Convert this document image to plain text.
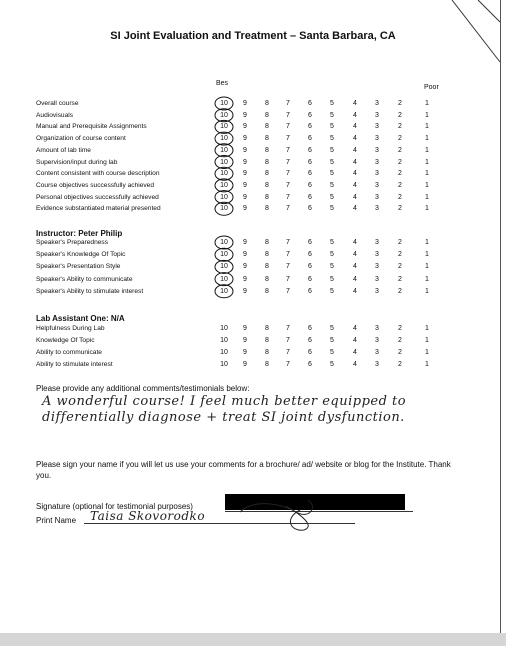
SI Joint Evaluation and Treatment – Santa Barbara, CA
Bes
Poor
Overall course	10	9	8	7	6	5	4	3	2	1
Audiovisuals	10	9	8	7	6	5	4	3	2	1
Manual and Prerequisite Assignments	10	9	8	7	6	5	4	3	2	1
Organization of course content	10	9	8	7	6	5	4	3	2	1
Amount of lab time	10	9	8	7	6	5	4	3	2	1
Supervision/input during lab	10	9	8	7	6	5	4	3	2	1
Content consistent with course description	10	9	8	7	6	5	4	3	2	1
Course objectives successfully achieved	10	9	8	7	6	5	4	3	2	1
Personal objectives successfully achieved	10	9	8	7	6	5	4	3	2	1
Evidence substantiated material presented	10	9	8	7	6	5	4	3	2	1
Instructor: Peter Philip
Speaker's Preparedness	10	9	8	7	6	5	4	3	2	1
Speaker's Knowledge Of Topic	10	9	8	7	6	5	4	3	2	1
Speaker's Presentation Style	10	9	8	7	6	5	4	3	2	1
Speaker's Ability to communicate	10	9	8	7	6	5	4	3	2	1
Speaker's Ability to stimulate interest	10	9	8	7	6	5	4	3	2	1
Lab Assistant One: N/A
Helpfulness During Lab	10	9	8	7	6	5	4	3	2	1
Knowledge Of Topic	10	9	8	7	6	5	4	3	2	1
Ability to communicate	10	9	8	7	6	5	4	3	2	1
Ability to stimulate interest	10	9	8	7	6	5	4	3	2	1
Please provide any additional comments/testimonials below:
A wonderful course! I feel much better equipped to
differentially diagnose + treat SI joint dysfunction.
Please sign your name if you will let us use your comments for a brochure/ ad/ website or blog for the Institute. Thank you.
Signature (optional for testimonial purposes)
Print Name Taisa Skovorodko
